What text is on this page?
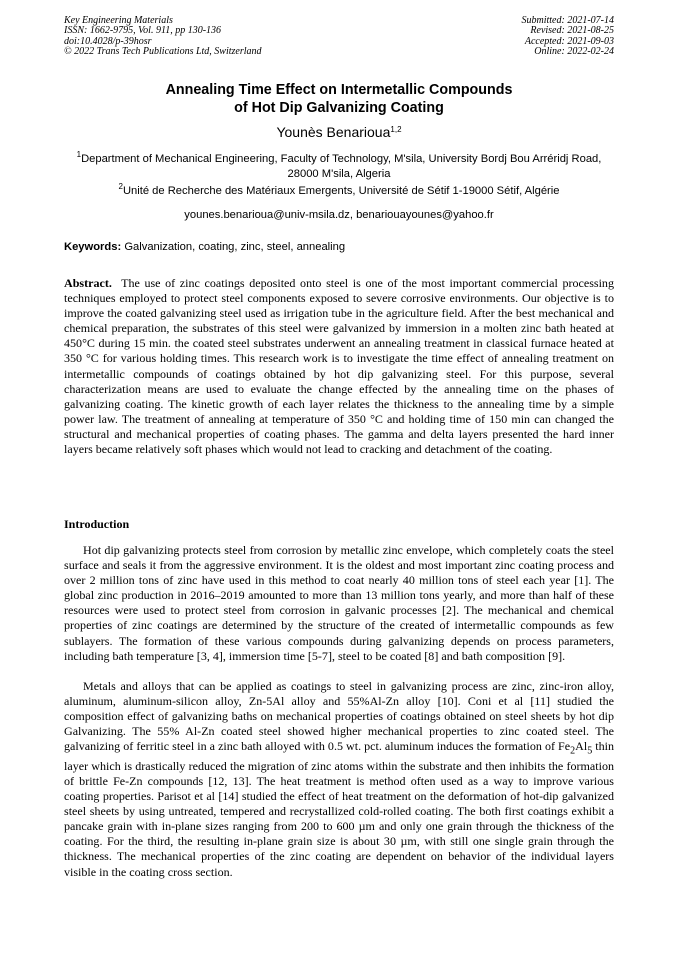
Key Engineering Materials
ISSN: 1662-9795, Vol. 911, pp 130-136
doi:10.4028/p-39hosr
© 2022 Trans Tech Publications Ltd, Switzerland
Submitted: 2021-07-14
Revised: 2021-08-25
Accepted: 2021-09-03
Online: 2022-02-24
Annealing Time Effect on Intermetallic Compounds
of Hot Dip Galvanizing Coating
Younès Benarioua$^{1,2}$
$^1$Department of Mechanical Engineering, Faculty of Technology, M'sila, University Bordj Bou Arréridj Road, 28000 M'sila, Algeria
$^2$Unité de Recherche des Matériaux Emergents, Université de Sétif 1-19000 Sétif, Algérie
younes.benarioua@univ-msila.dz, benariouayounes@yahoo.fr
Keywords: Galvanization, coating, zinc, steel, annealing
Abstract. The use of zinc coatings deposited onto steel is one of the most important commercial processing techniques employed to protect steel components exposed to severe corrosive environments. Our objective is to improve the coated galvanizing steel used as irrigation tube in the agriculture field. After the best mechanical and chemical preparation, the substrates of this steel were galvanized by immersion in a molten zinc bath heated at 450°C during 15 min. the coated steel substrates underwent an annealing treatment in classical furnace heated at 350 °C for various holding times. This research work is to investigate the time effect of annealing treatment on intermetallic compounds of coatings obtained by hot dip galvanizing steel. For this purpose, several characterization means are used to evaluate the change effected by the annealing time on the phases of galvanizing coating. The kinetic growth of each layer relates the thickness to the annealing time by a simple power law. The treatment of annealing at temperature of 350 °C and holding time of 150 min can changed the structural and mechanical properties of coating phases. The gamma and delta layers presented the hard inner layers became relatively soft phases which would not lead to cracking and detachment of the coating.
Introduction
Hot dip galvanizing protects steel from corrosion by metallic zinc envelope, which completely coats the steel surface and seals it from the aggressive environment. It is the oldest and most important zinc coating process and over 2 million tons of zinc have used in this method to coat nearly 40 million tons of steel each year [1]. The global zinc production in 2016–2019 amounted to more than 13 million tons yearly, and more than half of these resources were used to protect steel from corrosion in galvanic processes [2]. The mechanical and chemical properties of zinc coatings are determined by the structure of the created of intermetallic compounds as few sublayers. The formation of these various compounds during galvanizing depends on process parameters, including bath temperature [3, 4], immersion time [5-7], steel to be coated [8] and bath composition [9].
Metals and alloys that can be applied as coatings to steel in galvanizing process are zinc, zinc-iron alloy, aluminum, aluminum-silicon alloy, Zn-5Al alloy and 55%Al-Zn alloy [10]. Coni et al [11] studied the composition effect of galvanizing baths on mechanical properties of coatings obtained on steel sheets by hot dip Galvanizing. The 55% Al-Zn coated steel showed higher mechanical properties to zinc coated steel. The galvanizing of ferritic steel in a zinc bath alloyed with 0.5 wt. pct. aluminum induces the formation of $Fe_2Al_5$ thin layer which is drastically reduced the migration of zinc atoms within the substrate and then inhibits the formation of brittle Fe-Zn compounds [12, 13]. The heat treatment is method often used as a way to improve various coating properties. Parisot et al [14] studied the effect of heat treatment on the deformation of hot-dip galvanized steel sheets by using untreated, tempered and recrystallized cold-rolled coating. The both first coatings exhibit a pancake grain with in-plane sizes ranging from 200 to 600 µm and only one grain through the thickness of the coating. For the third, the resulting in-plane grain size is about 30 µm, with still one single grain through the thickness. The mechanical properties of the zinc coating are dependent on behavior of the individual layers visible in the coating cross section.
